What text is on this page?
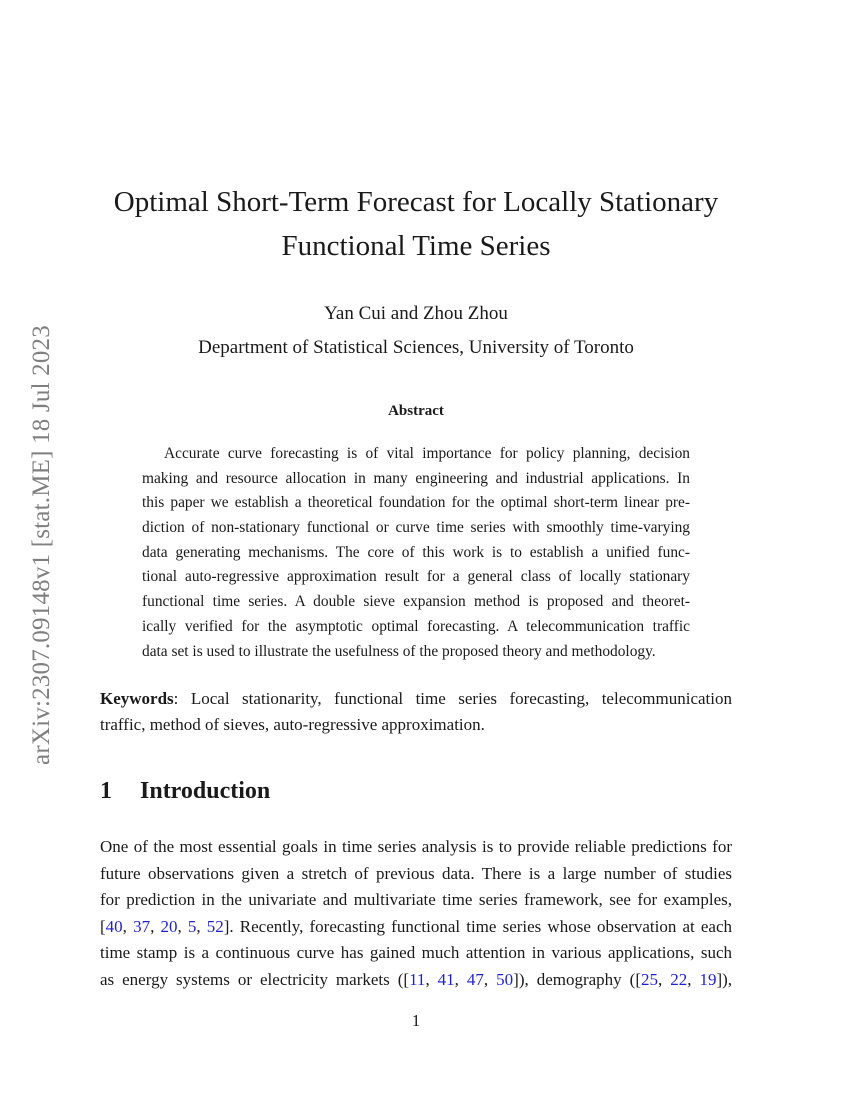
arXiv:2307.09148v1 [stat.ME] 18 Jul 2023
Optimal Short-Term Forecast for Locally Stationary
Functional Time Series
Yan Cui and Zhou Zhou
Department of Statistical Sciences, University of Toronto
Abstract
Accurate curve forecasting is of vital importance for policy planning, decision
making and resource allocation in many engineering and industrial applications. In
this paper we establish a theoretical foundation for the optimal short-term linear pre-
diction of non-stationary functional or curve time series with smoothly time-varying
data generating mechanisms. The core of this work is to establish a unified func-
tional auto-regressive approximation result for a general class of locally stationary
functional time series. A double sieve expansion method is proposed and theoret-
ically verified for the asymptotic optimal forecasting. A telecommunication traffic
data set is used to illustrate the usefulness of the proposed theory and methodology.
Keywords: Local stationarity, functional time series forecasting, telecommunication
traffic, method of sieves, auto-regressive approximation.
1 Introduction
One of the most essential goals in time series analysis is to provide reliable predictions for
future observations given a stretch of previous data. There is a large number of studies
for prediction in the univariate and multivariate time series framework, see for examples,
[40, 37, 20, 5, 52]. Recently, forecasting functional time series whose observation at each
time stamp is a continuous curve has gained much attention in various applications, such
as energy systems or electricity markets ([11, 41, 47, 50]), demography ([25, 22, 19]),
1
